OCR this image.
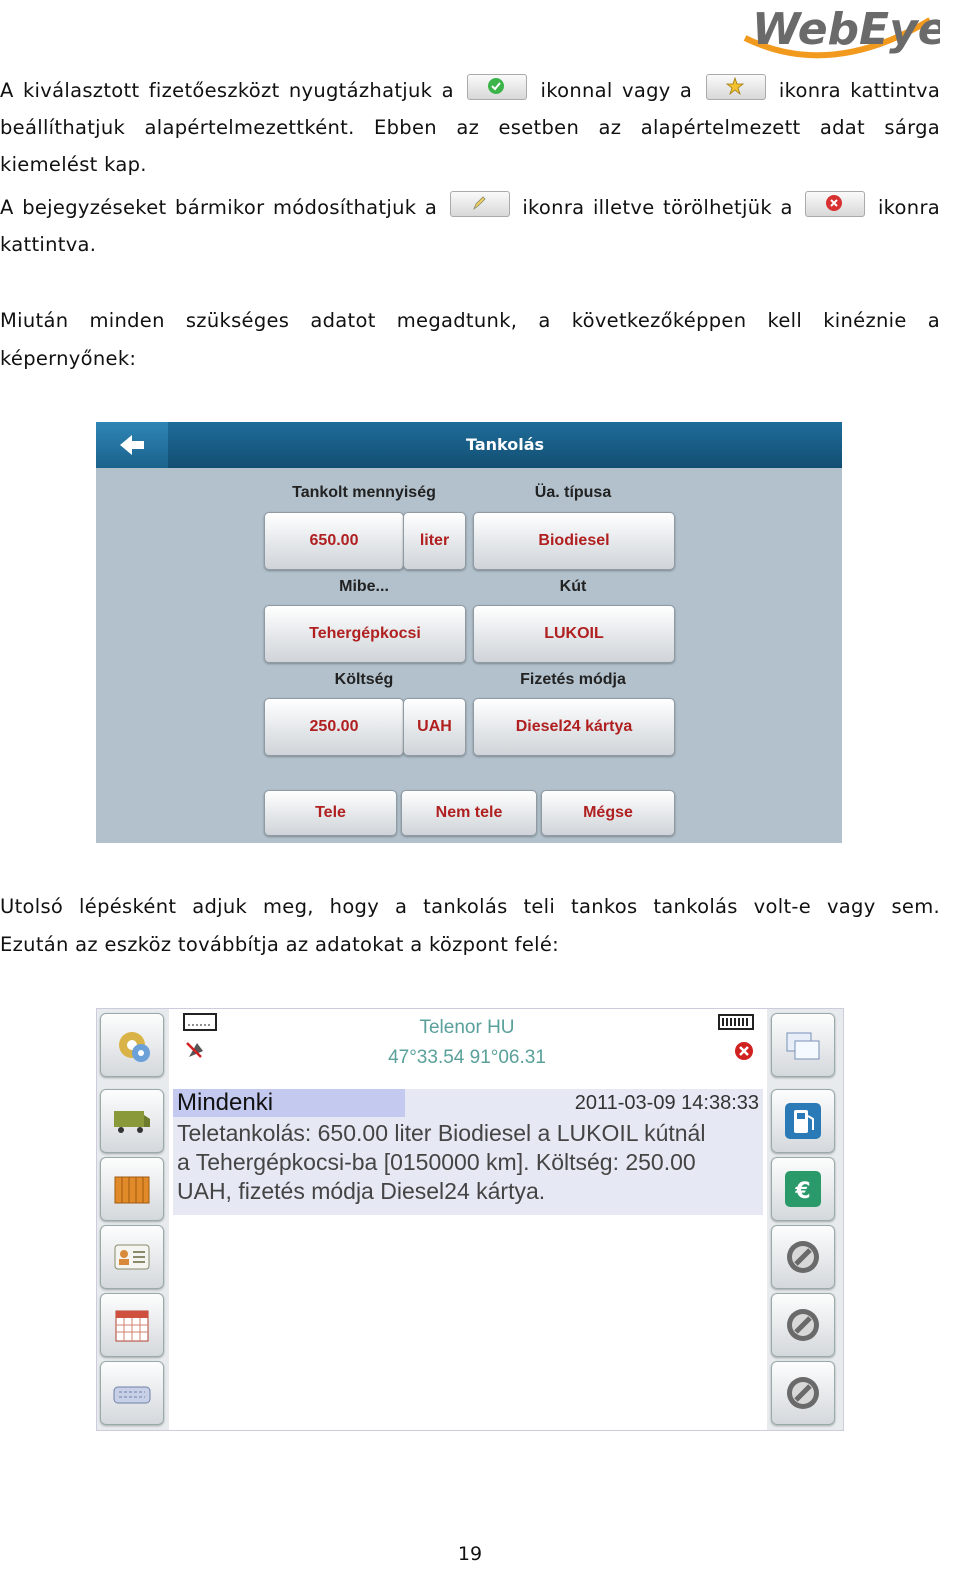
WebEye
A kiválasztott fizetőeszközt nyugtázhatjuk a	ikonnal vagy a	ikonra kattintva
beállíthatjuk alapértelmezettként. Ebben az esetben az alapértelmezett adat sárga
kiemelést kap.
A bejegyzéseket bármikor módosíthatjuk a	ikonra illetve törölhetjük a	ikonra
kattintva.
Miután minden szükséges adatot megadtunk, a következőképpen kell kinéznie a
képernyőnek:
Tankolás
Tankolt mennyiség	Üa. típusa
650.00	liter	Biodiesel
Mibe...	Kút
Tehergépkocsi	LUKOIL
Költség	Fizetés módja
250.00	UAH	Diesel24 kártya
Tele	Nem tele	Mégse
Utolsó lépésként adjuk meg, hogy a tankolás teli tankos tankolás volt-e vagy sem.
Ezután az eszköz továbbítja az adatokat a központ felé:
€
Telenor HU
47°33.54 91°06.31
Mindenki	2011-03-09 14:38:33
Teletankolás: 650.00 liter Biodiesel a LUKOIL kútnál
a Tehergépkocsi-ba [0150000 km]. Költség: 250.00
UAH, fizetés módja Diesel24 kártya.
19
